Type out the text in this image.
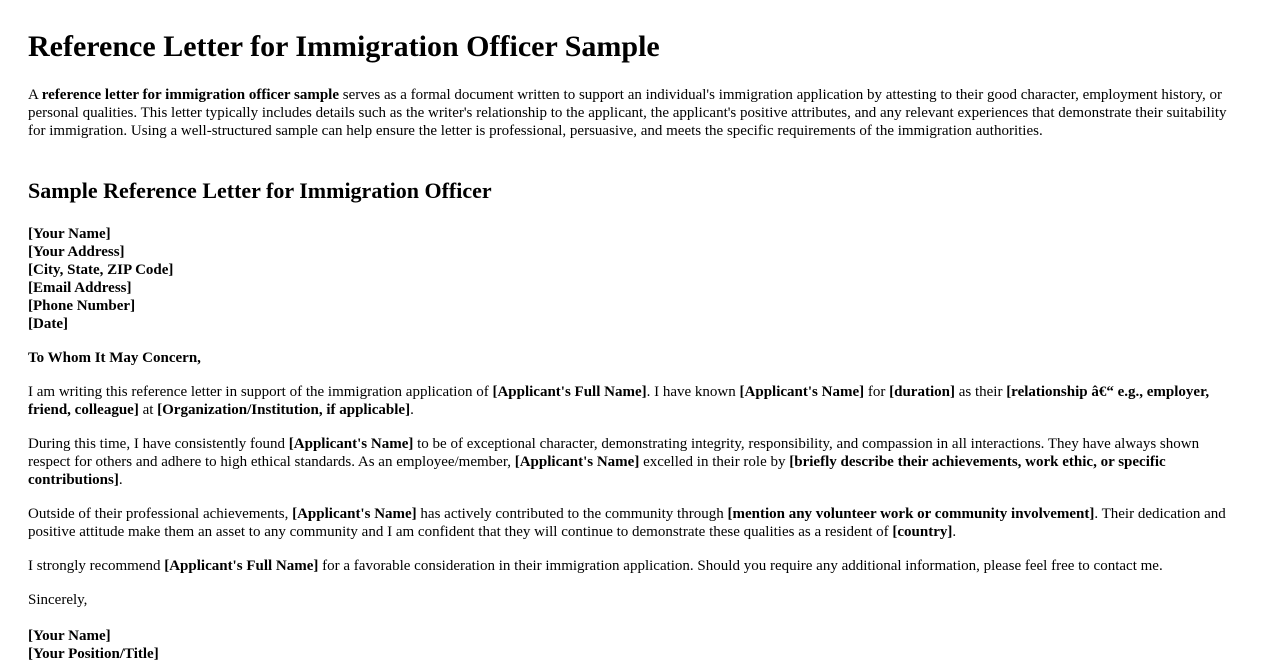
Reference Letter for Immigration Officer Sample

A reference letter for immigration officer sample serves as a formal document written to support an individual's immigration application by attesting to their good character, employment history, or personal qualities. This letter typically includes details such as the writer's relationship to the applicant, the applicant's positive attributes, and any relevant experiences that demonstrate their suitability for immigration. Using a well-structured sample can help ensure the letter is professional, persuasive, and meets the specific requirements of the immigration authorities.

Sample Reference Letter for Immigration Officer
[Your Name]
[Your Address]
[City, State, ZIP Code]
[Email Address]
[Phone Number]
[Date]

To Whom It May Concern,

I am writing this reference letter in support of the immigration application of [Applicant's Full Name]. I have known [Applicant's Name] for [duration] as their [relationship â€“ e.g., employer, friend, colleague] at [Organization/Institution, if applicable].

During this time, I have consistently found [Applicant's Name] to be of exceptional character, demonstrating integrity, responsibility, and compassion in all interactions. They have always shown respect for others and adhere to high ethical standards. As an employee/member, [Applicant's Name] excelled in their role by [briefly describe their achievements, work ethic, or specific contributions].

Outside of their professional achievements, [Applicant's Name] has actively contributed to the community through [mention any volunteer work or community involvement]. Their dedication and positive attitude make them an asset to any community and I am confident that they will continue to demonstrate these qualities as a resident of [country].

I strongly recommend [Applicant's Full Name] for a favorable consideration in their immigration application. Should you require any additional information, please feel free to contact me.

Sincerely,

[Your Name]
[Your Position/Title]
